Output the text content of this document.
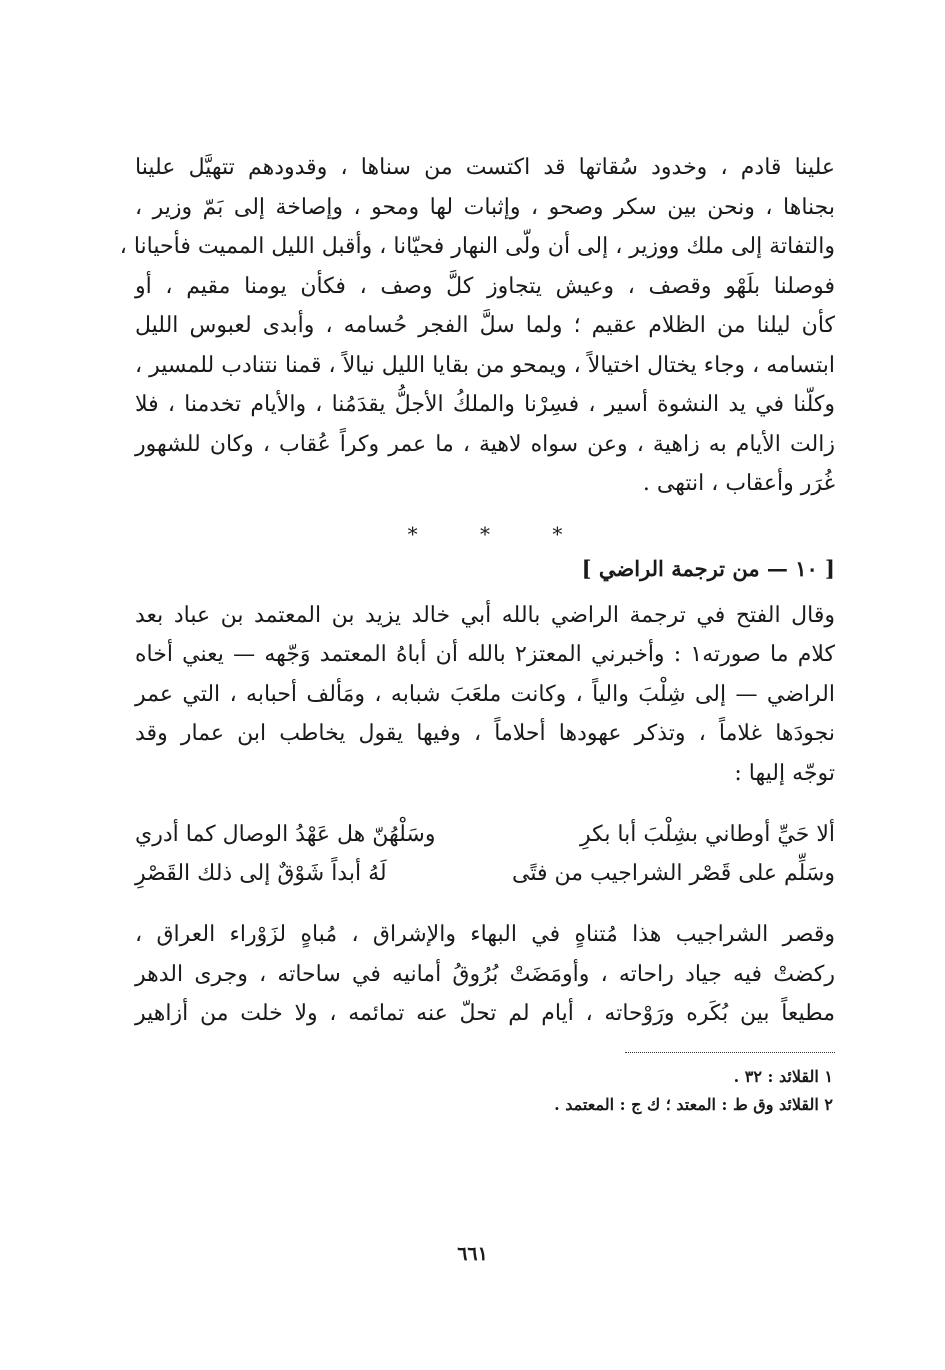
علينا قادم ، وخدود سُقاتها قد اكتست من سناها ، وقدودهم تتهيَّل علينا
بجناها ، ونحن بين سكر وصحو ، وإثبات لها ومحو ، وإصاخة إلى بَمّ وزير ،
والتفاتة إلى ملك ووزير ، إلى أن ولّى النهار فحيّانا ، وأقبل الليل المميت فأحيانا ،
فوصلنا بلَهْو وقصف ، وعيش يتجاوز كلَّ وصف ، فكأن يومنا مقيم ، أو
كأن ليلنا من الظلام عقيم ؛ ولما سلَّ الفجر حُسامه ، وأبدى لعبوس الليل
ابتسامه ، وجاء يختال اختيالاً ، ويمحو من بقايا الليل نيالاً ، قمنا نتنادب للمسير ،
وكلّنا في يد النشوة أسير ، فسِرْنا والملكُ الأجلُّ يقدَمُنا ، والأيام تخدمنا ، فلا
زالت الأيام به زاهية ، وعن سواه لاهية ، ما عمر وكراً عُقاب ، وكان للشهور
غُرَر وأعقاب ، انتهى .
* * *
[ ١٠ — من ترجمة الراضي ]
وقال الفتح في ترجمة الراضي بالله أبي خالد يزيد بن المعتمد بن عباد بعد
كلام ما صورته١ : وأخبرني المعتز٢ بالله أن أباهُ المعتمد وَجّهه — يعني أخاه
الراضي — إلى شِلْبَ والياً ، وكانت ملعَبَ شبابه ، ومَألف أحبابه ، التي عمر
نجودَها غلاماً ، وتذكر عهودها أحلاماً ، وفيها يقول يخاطب ابن عمار وقد
توجّه إليها :
ألا حَيِّ أوطاني بشِلْبَ أبا بكرِ
وسَلْهُنّ هل عَهْدُ الوصال كما أدري
وسَلِّم على قَصْر الشراجيب من فتًى
لَهُ أبداً شَوْقٌ إلى ذلك القَصْرِ
وقصر الشراجيب هذا مُتناهٍ في البهاء والإشراق ، مُباهٍ لزَوْراء العراق ،
ركضتْ فيه جياد راحاته ، وأومَضَتْ بُرُوقُ أمانيه في ساحاته ، وجرى الدهر
مطيعاً بين بُكَره ورَوْحاته ، أيام لم تحلّ عنه تمائمه ، ولا خلت من أزاهير
١ القلائد : ٣٢ .
٢ القلائد وق ط : المعتد ؛ ك ج : المعتمد .
٦٦١
